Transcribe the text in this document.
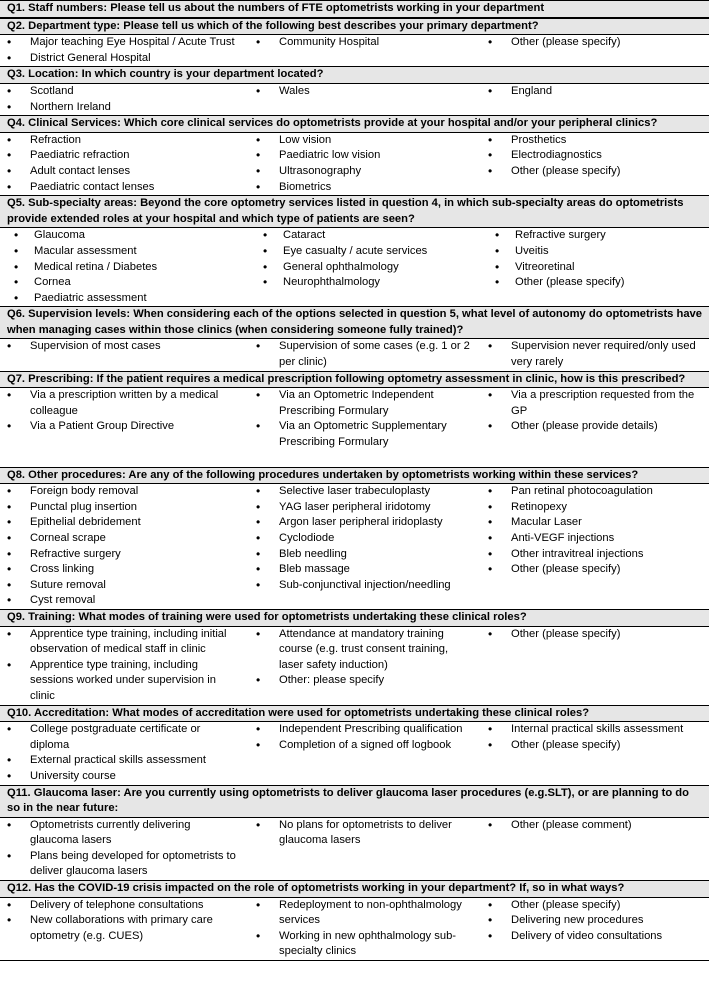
Q1. Staff numbers: Please tell us about the numbers of FTE optometrists working in your department
Q2. Department type: Please tell us which of the following best describes your primary department?
• Major teaching Eye Hospital / Acute Trust
• District General Hospital
• Community Hospital	• Other (please specify)
Q3. Location: In which country is your department located?
• Scotland
• Northern Ireland
• Wales	• England
Q4. Clinical Services: Which core clinical services do optometrists provide at your hospital and/or your peripheral clinics?
• Refraction
• Paediatric refraction
• Adult contact lenses
• Paediatric contact lenses
• Low vision
• Paediatric low vision
• Ultrasonography
• Biometrics
• Prosthetics
• Electrodiagnostics
• Other (please specify)
Q5. Sub-specialty areas: Beyond the core optometry services listed in question 4, in which sub-specialty areas do optometrists provide extended roles at your hospital and which type of patients are seen?
• Glaucoma
• Macular assessment
• Medical retina / Diabetes
• Cornea
• Paediatric assessment
• Cataract
• Eye casualty / acute services
• General ophthalmology
• Neurophthalmology
• Refractive surgery
• Uveitis
• Vitreoretinal
• Other (please specify)
Q6. Supervision levels: When considering each of the options selected in question 5, what level of autonomy do optometrists have when managing cases within those clinics (when considering someone fully trained)?
• Supervision of most cases	• Supervision of some cases (e.g. 1 or 2 per clinic)
• Supervision never required/only used very rarely
Q7. Prescribing: If the patient requires a medical prescription following optometry assessment in clinic, how is this prescribed?
• Via a prescription written by a medical colleague
• Via a Patient Group Directive
• Via an Optometric Independent Prescribing Formulary
• Via an Optometric Supplementary Prescribing Formulary
• Via a prescription requested from the GP
• Other (please provide details)
Q8. Other procedures: Are any of the following procedures undertaken by optometrists working within these services?
• Foreign body removal
• Punctal plug insertion
• Epithelial debridement
• Corneal scrape
• Refractive surgery
• Cross linking
• Suture removal
• Cyst removal
• Selective laser trabeculoplasty
• YAG laser peripheral iridotomy
• Argon laser peripheral iridoplasty
• Cyclodiode
• Bleb needling
• Bleb massage
• Sub-conjunctival injection/needling
• Pan retinal photocoagulation
• Retinopexy
• Macular Laser
• Anti-VEGF injections
• Other intravitreal injections
• Other (please specify)
Q9. Training: What modes of training were used for optometrists undertaking these clinical roles?
• Apprentice type training, including initial observation of medical staff in clinic
• Apprentice type training, including sessions worked under supervision in clinic
• Attendance at mandatory training course (e.g. trust consent training, laser safety induction)
• Other: please specify
• Other (please specify)
Q10. Accreditation: What modes of accreditation were used for optometrists undertaking these clinical roles?
• College postgraduate certificate or diploma
• External practical skills assessment
• University course
• Independent Prescribing qualification
• Completion of a signed off logbook
• Internal practical skills assessment
• Other (please specify)
Q11. Glaucoma laser: Are you currently using optometrists to deliver glaucoma laser procedures (e.g.SLT), or are planning to do so in the near future:
• Optometrists currently delivering glaucoma lasers
• Plans being developed for optometrists to deliver glaucoma lasers
• No plans for optometrists to deliver glaucoma lasers
• Other (please comment)
Q12. Has the COVID-19 crisis impacted on the role of optometrists working in your department? If, so in what ways?
• Delivery of telephone consultations
• New collaborations with primary care optometry (e.g. CUES)
• Redeployment to non-ophthalmology services
• Working in new ophthalmology sub-specialty clinics
• Other (please specify)
• Delivering new procedures
• Delivery of video consultations
